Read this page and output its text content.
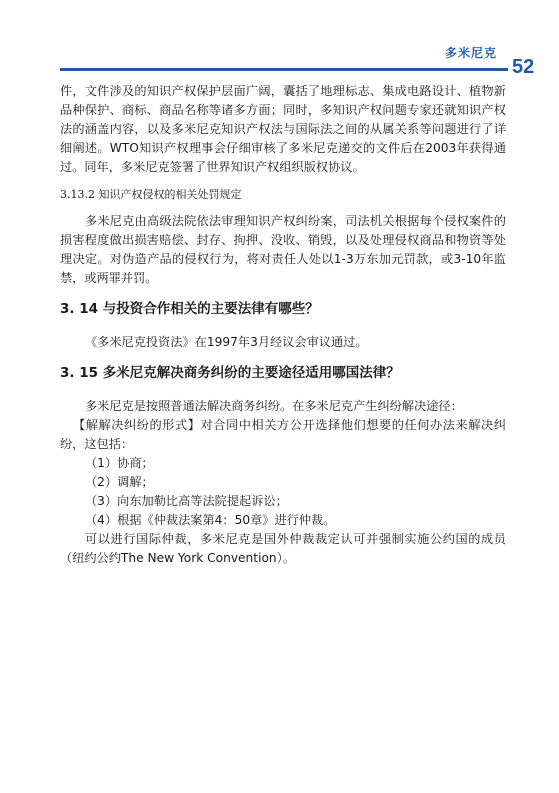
多米尼克
52

件，文件涉及的知识产权保护层面广阔，囊括了地理标志、集成电路设计、植物新品种保护、商标、商品名称等诸多方面；同时，多知识产权问题专家还就知识产权法的涵盖内容，以及多米尼克知识产权法与国际法之间的从属关系等问题进行了详细阐述。WTO知识产权理事会仔细审核了多米尼克递交的文件后在2003年获得通过。同年，多米尼克签署了世界知识产权组织版权协议。

3.13.2 知识产权侵权的相关处罚规定

多米尼克由高级法院依法审理知识产权纠纷案，司法机关根据每个侵权案件的损害程度做出损害赔偿、封存、拘押、没收、销毁，以及处理侵权商品和物资等处理决定。对伪造产品的侵权行为，将对责任人处以1-3万东加元罚款，或3-10年监禁，或两罪并罚。

3. 14 与投资合作相关的主要法律有哪些？

《多米尼克投资法》在1997年3月经议会审议通过。

3. 15 多米尼克解决商务纠纷的主要途径适用哪国法律？

多米尼克是按照普通法解决商务纠纷。在多米尼克产生纠纷解决途径：

【解解决纠纷的形式】对合同中相关方公开选择他们想要的任何办法来解决纠纷，这包括：

（1）协商；

（2）调解；

（3）向东加勒比高等法院提起诉讼；

（4）根据《仲裁法案第4：50章》进行仲裁。

可以进行国际仲裁，多米尼克是国外仲裁裁定认可并强制实施公约国的成员（纽约公约The New York Convention）。
